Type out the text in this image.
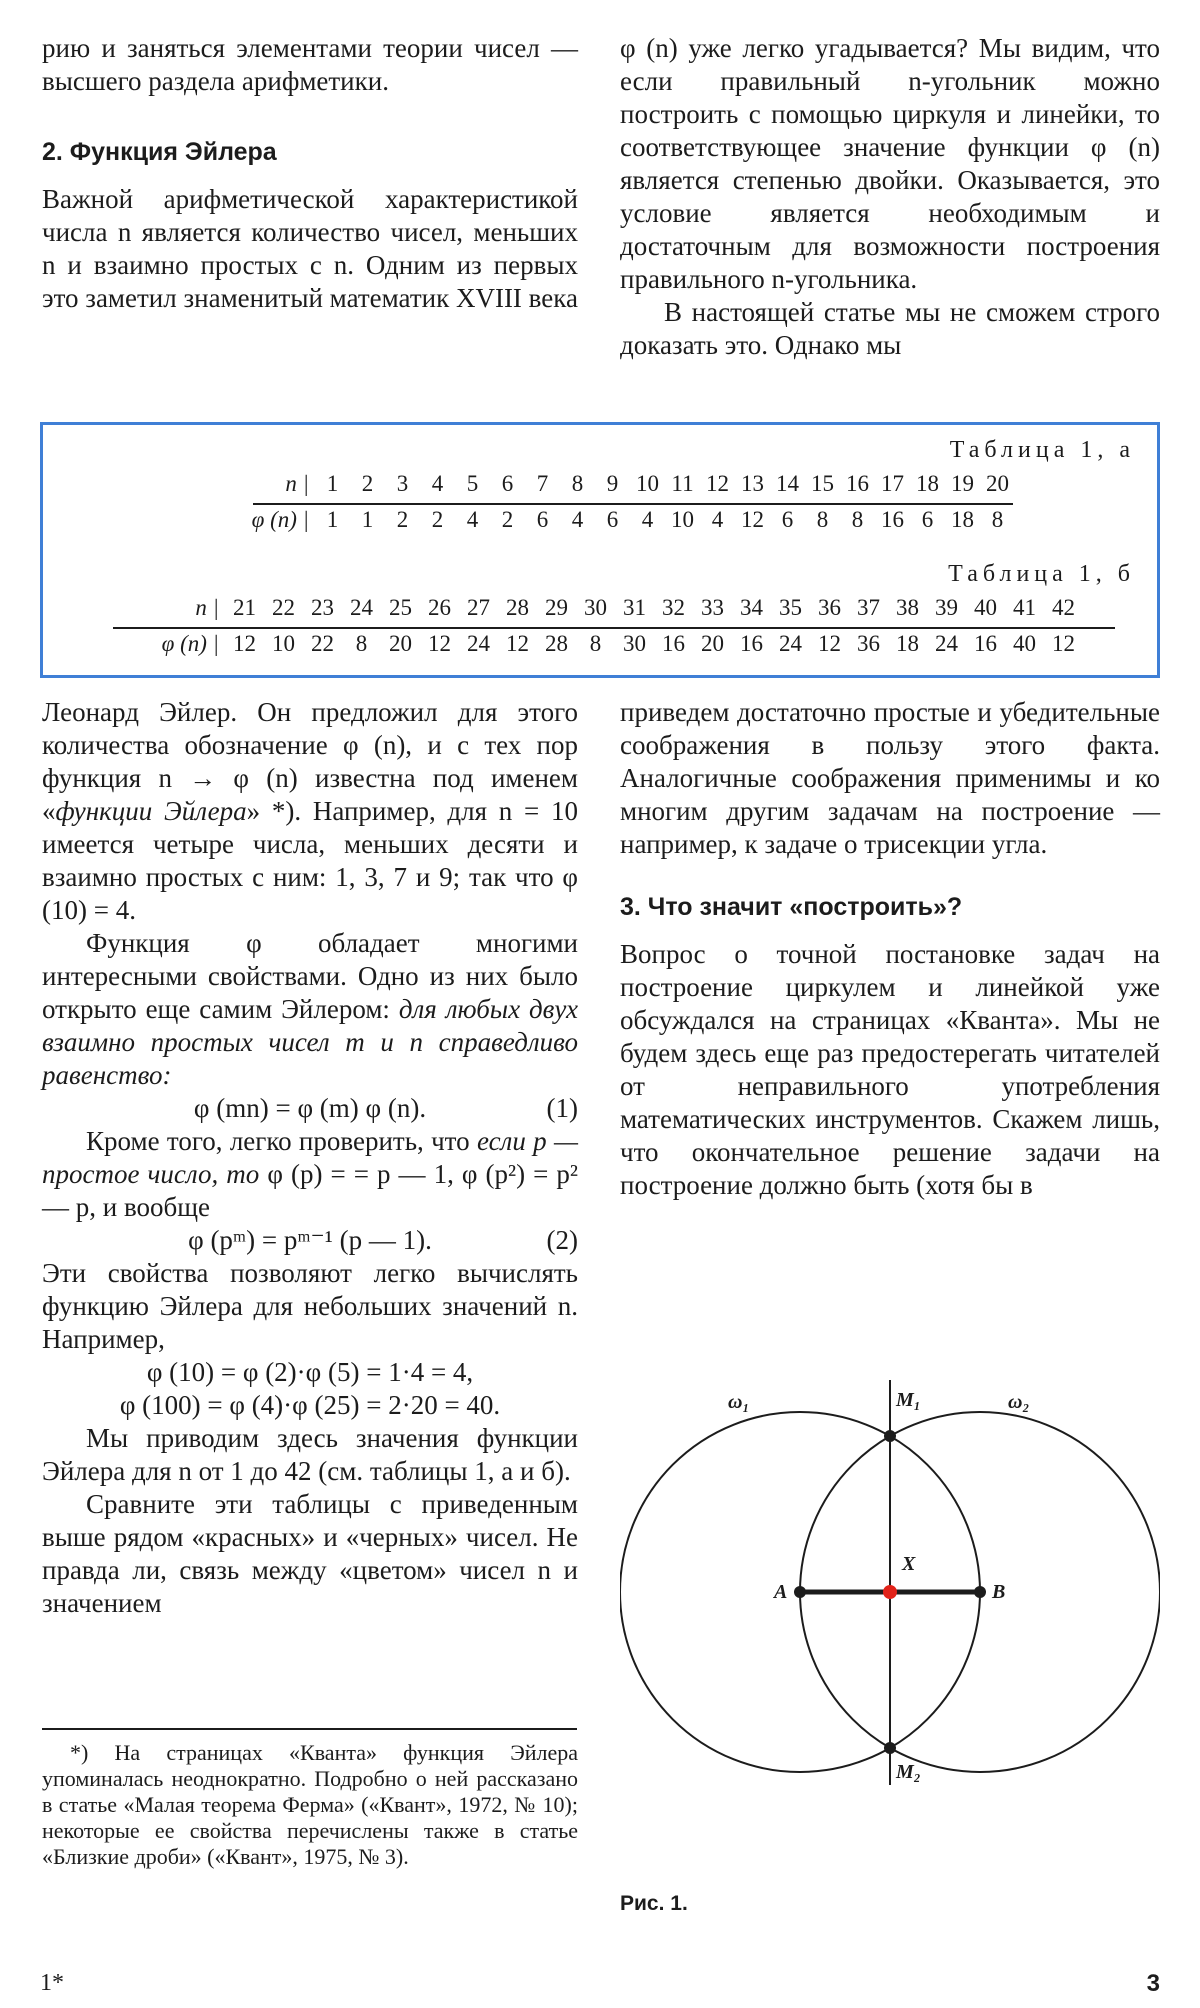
рию и заняться элементами теории чисел — высшего раздела арифметики.

2. Функция Эйлера

Важной арифметической характеристикой числа n является количество чисел, меньших n и взаимно простых с n. Одним из первых это заметил знаменитый математик XVIII века

φ (n) уже легко угадывается? Мы видим, что если правильный n-угольник можно построить с помощью циркуля и линейки, то соответствующее значение функции φ (n) является степенью двойки. Оказывается, это условие является необходимым и достаточным для возможности построения правильного n-угольника.

В настоящей статье мы не сможем строго доказать это. Однако мы

Таблица 1, а
n | 1 2 3 4 5 6 7 8 9 10 11 12 13 14 15 16 17 18 19 20
φ (n) | 1 1 2 2 4 2 6 4 6 4 10 4 12 6 8 8 16 6 18 8
Таблица 1, б
n | 21 22 23 24 25 26 27 28 29 30 31 32 33 34 35 36 37 38 39 40 41 42
φ (n) | 12 10 22 8 20 12 24 12 28 8 30 16 20 16 24 12 36 18 24 16 40 12

Леонард Эйлер. Он предложил для этого количества обозначение φ (n), и с тех пор функция n → φ (n) известна под именем «функции Эйлера» *). Например, для n = 10 имеется четыре числа, меньших десяти и взаимно простых с ним: 1, 3, 7 и 9; так что φ (10) = 4.

Функция φ обладает многими интересными свойствами. Одно из них было открыто еще самим Эйлером: для любых двух взаимно простых чисел m и n справедливо равенство:

φ (mn) = φ (m) φ (n).	(1)

Кроме того, легко проверить, что если p — простое число, то φ (p) = = p — 1, φ (p²) = p² — p, и вообще

φ (pᵐ) = pᵐ⁻¹ (p — 1).	(2)

Эти свойства позволяют легко вычислять функцию Эйлера для небольших значений n. Например,

φ (10) = φ (2)·φ (5) = 1·4 = 4,
φ (100) = φ (4)·φ (25) = 2·20 = 40.

Мы приводим здесь значения функции Эйлера для n от 1 до 42 (см. таблицы 1, а и б).

Сравните эти таблицы с приведенным выше рядом «красных» и «черных» чисел. Не правда ли, связь между «цветом» чисел n и значением

приведем достаточно простые и убедительные соображения в пользу этого факта. Аналогичные соображения применимы и ко многим другим задачам на построение — например, к задаче о трисекции угла.

3. Что значит «построить»?

Вопрос о точной постановке задач на построение циркулем и линейкой уже обсуждался на страницах «Кванта». Мы не будем здесь еще раз предостерегать читателей от неправильного употребления математических инструментов. Скажем лишь, что окончательное решение задачи на построение должно быть (хотя бы в

ω₁	ω₂
M₁
M₂
A	B
X
Рис. 1.

*) На страницах «Кванта» функция Эйлера упоминалась неоднократно. Подробно о ней рассказано в статье «Малая теорема Ферма» («Квант», 1972, № 10); некоторые ее свойства перечислены также в статье «Близкие дроби» («Квант», 1975, № 3).

1*	3
